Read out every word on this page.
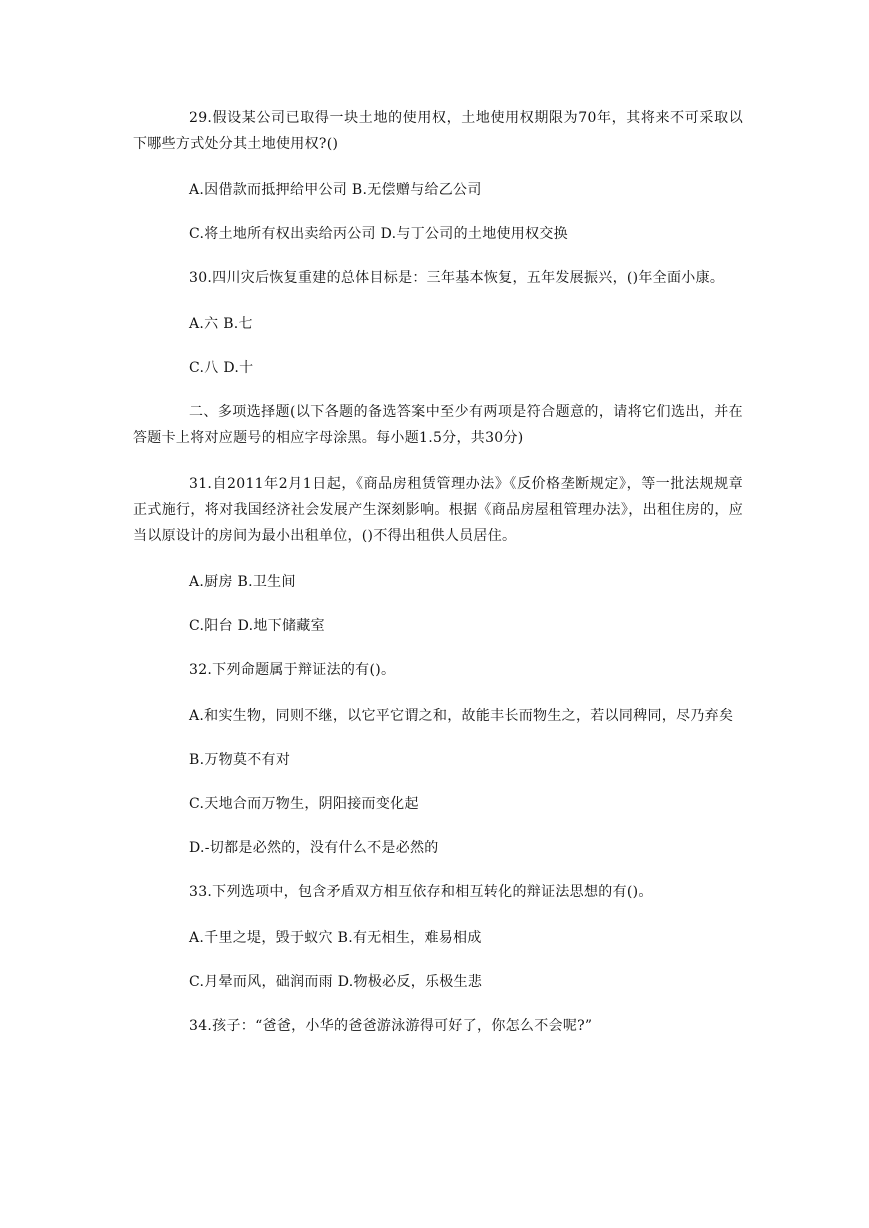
29.假设某公司已取得一块土地的使用权，土地使用权期限为70年，其将来不可采取以下哪些方式处分其土地使用权?()

A.因借款而抵押给甲公司 B.无偿赠与给乙公司

C.将土地所有权出卖给丙公司 D.与丁公司的土地使用权交换

30.四川灾后恢复重建的总体目标是：三年基本恢复，五年发展振兴，()年全面小康。

A.六 B.七

C.八 D.十

二、多项选择题(以下各题的备选答案中至少有两项是符合题意的，请将它们选出，并在答题卡上将对应题号的相应字母涂黑。每小题1.5分，共30分)

31.自2011年2月1日起，《商品房租赁管理办法》《反价格垄断规定》，等一批法规规章正式施行，将对我国经济社会发展产生深刻影响。根据《商品房屋租管理办法》，出租住房的，应当以原设计的房间为最小出租单位，()不得出租供人员居住。

A.厨房 B.卫生间

C.阳台 D.地下储藏室

32.下列命题属于辩证法的有()。

A.和实生物，同则不继，以它平它谓之和，故能丰长而物生之，若以同稗同，尽乃弃矣

B.万物莫不有对

C.天地合而万物生，阴阳接而变化起

D.-切都是必然的，没有什么不是必然的

33.下列选项中，包含矛盾双方相互依存和相互转化的辩证法思想的有()。

A.千里之堤，毁于蚁穴 B.有无相生，难易相成

C.月晕而风，础润而雨 D.物极必反，乐极生悲

34.孩子：“爸爸，小华的爸爸游泳游得可好了，你怎么不会呢?”
